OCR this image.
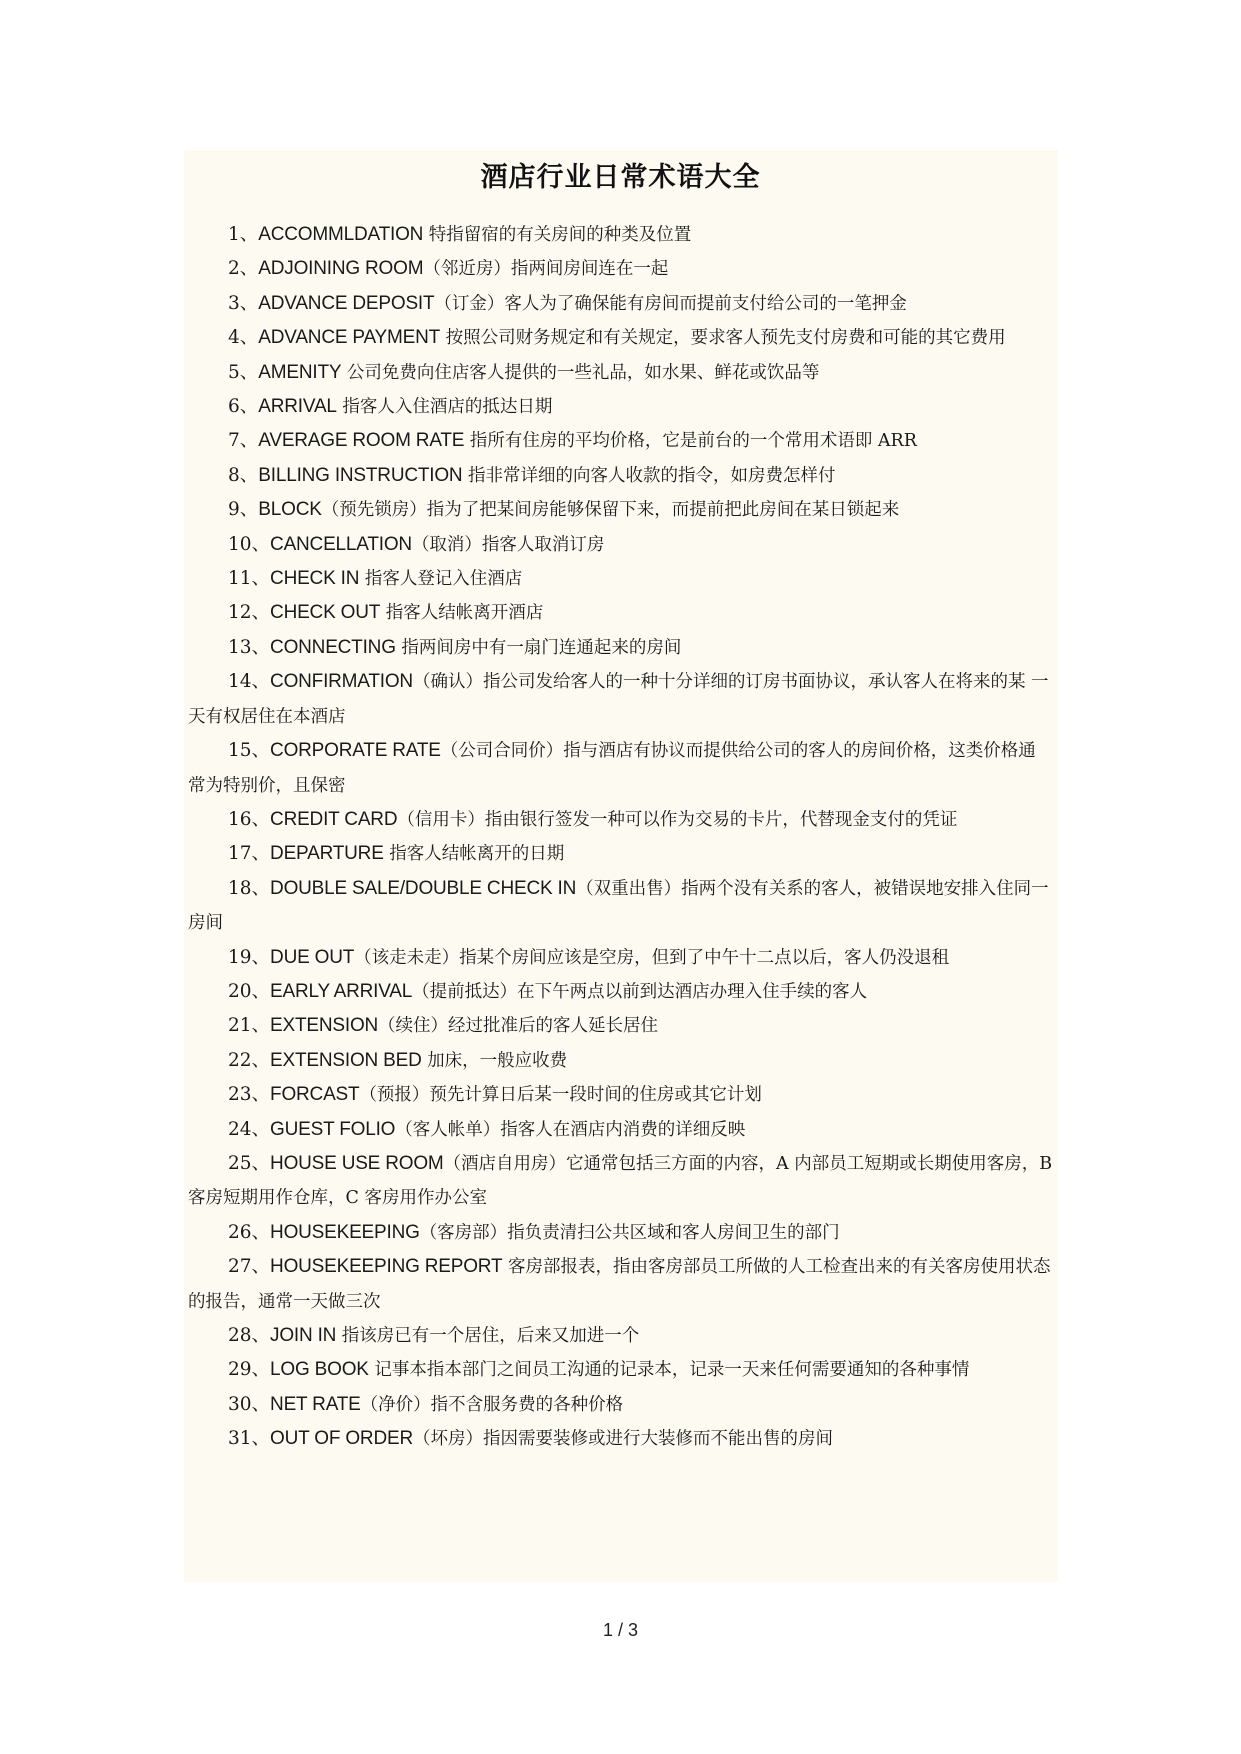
酒店行业日常术语大全
1、ACCOMMLDATION 特指留宿的有关房间的种类及位置
2、ADJOINING ROOM（邻近房）指两间房间连在一起
3、ADVANCE DEPOSIT（订金）客人为了确保能有房间而提前支付给公司的一笔押金
4、ADVANCE PAYMENT 按照公司财务规定和有关规定，要求客人预先支付房费和可能的其它费用
5、AMENITY 公司免费向住店客人提供的一些礼品，如水果、鲜花或饮品等
6、ARRIVAL 指客人入住酒店的抵达日期
7、AVERAGE ROOM RATE 指所有住房的平均价格，它是前台的一个常用术语即 ARR
8、BILLING INSTRUCTION 指非常详细的向客人收款的指令，如房费怎样付
9、BLOCK（预先锁房）指为了把某间房能够保留下来，而提前把此房间在某日锁起来
10、CANCELLATION（取消）指客人取消订房
11、CHECK IN 指客人登记入住酒店
12、CHECK OUT 指客人结帐离开酒店
13、CONNECTING 指两间房中有一扇门连通起来的房间
14、CONFIRMATION（确认）指公司发给客人的一种十分详细的订房书面协议，承认客人在将来的某 一天有权居住在本酒店
15、CORPORATE RATE（公司合同价）指与酒店有协议而提供给公司的客人的房间价格，这类价格通 常为特别价，且保密
16、CREDIT CARD（信用卡）指由银行签发一种可以作为交易的卡片，代替现金支付的凭证
17、DEPARTURE 指客人结帐离开的日期
18、DOUBLE SALE/DOUBLE CHECK IN（双重出售）指两个没有关系的客人，被错误地安排入住同一房间
19、DUE OUT（该走未走）指某个房间应该是空房，但到了中午十二点以后，客人仍没退租
20、EARLY ARRIVAL（提前抵达）在下午两点以前到达酒店办理入住手续的客人
21、EXTENSION（续住）经过批准后的客人延长居住
22、EXTENSION BED 加床，一般应收费
23、FORCAST（预报）预先计算日后某一段时间的住房或其它计划
24、GUEST FOLIO（客人帐单）指客人在酒店内消费的详细反映
25、HOUSE USE ROOM（酒店自用房）它通常包括三方面的内容，A 内部员工短期或长期使用客房，B 客房短期用作仓库，C 客房用作办公室
26、HOUSEKEEPING（客房部）指负责清扫公共区域和客人房间卫生的部门
27、HOUSEKEEPING REPORT 客房部报表，指由客房部员工所做的人工检查出来的有关客房使用状态的报告，通常一天做三次
28、JOIN IN 指该房已有一个居住，后来又加进一个
29、LOG BOOK 记事本指本部门之间员工沟通的记录本，记录一天来任何需要通知的各种事情
30、NET RATE（净价）指不含服务费的各种价格
31、OUT OF ORDER（坏房）指因需要装修或进行大装修而不能出售的房间
1 / 3
